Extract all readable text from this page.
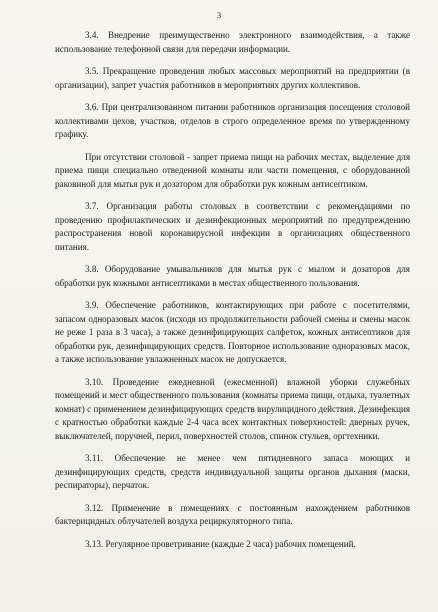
3

3.4. Внедрение преимущественно электронного взаимодействия, а также использование телефонной связи для передачи информации.

3.5. Прекращение проведения любых массовых мероприятий на предприятии (в организации), запрет участия работников в мероприятиях других коллективов.

3.6. При централизованном питании работников организация посещения столовой коллективами цехов, участков, отделов в строго определенное время по утвержденному графику.

При отсутствии столовой - запрет приема пищи на рабочих местах, выделение для приема пищи специально отведенной комнаты или части помещения, с оборудованной раковиной для мытья рук и дозатором для обработки рук кожным антисептиком.

3.7. Организация работы столовых в соответствии с рекомендациями по проведению профилактических и дезинфекционных мероприятий по предупреждению распространения новой коронавирусной инфекции в организациях общественного питания.

3.8. Оборудование умывальников для мытья рук с мылом и дозаторов для обработки рук кожными антисептиками в местах общественного пользования.

3.9. Обеспечение работников, контактирующих при работе с посетителями, запасом одноразовых масок (исходя из продолжительности рабочей смены и смены масок не реже 1 раза в 3 часа), а также дезинфицирующих салфеток, кожных антисептиков для обработки рук, дезинфицирующих средств. Повторное использование одноразовых масок, а также использование увлажненных масок не допускается.

3.10. Проведение ежедневной (ежесменной) влажной уборки служебных помещений и мест общественного пользования (комнаты приема пищи, отдыха, туалетных комнат) с применением дезинфицирующих средств вирулицидного действия. Дезинфекция с кратностью обработки каждые 2-4 часа всех контактных поверхностей: дверных ручек, выключателей, поручней, перил, поверхностей столов, спинок стульев, оргтехники.

3.11. Обеспечение не менее чем пятидневного запаса моющих и дезинфицирующих средств, средств индивидуальной защиты органов дыхания (маски, респираторы), перчаток.

3.12. Применение в помещениях с постоянным нахождением работников бактерицидных облучателей воздуха рециркуляторного типа.

3.13. Регулярное проветривание (каждые 2 часа) рабочих помещений.
